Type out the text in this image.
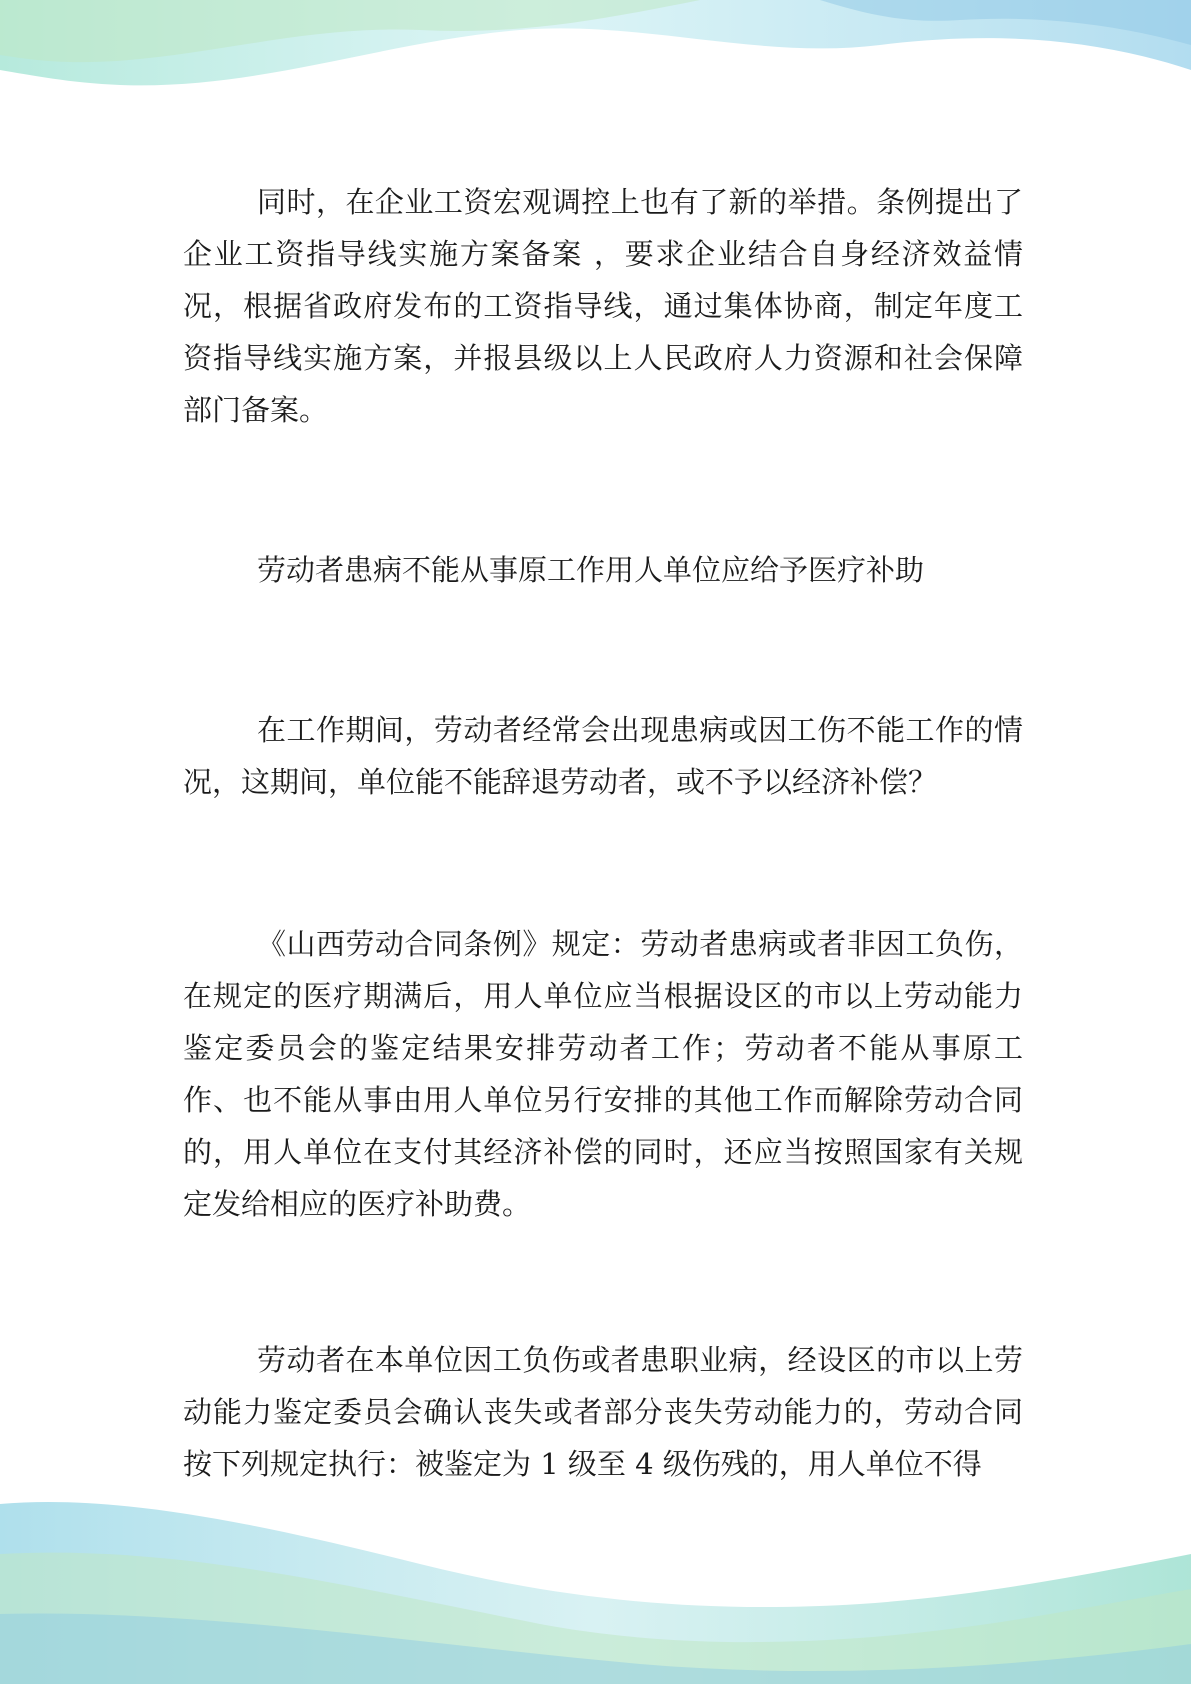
同时，在企业工资宏观调控上也有了新的举措。条例提出了 企业工资指导线实施方案备案 ，要求企业结合自身经济效益情况，根据省政府发布的工资指导线，通过集体协商，制定年度工资指导线实施方案，并报县级以上人民政府人力资源和社会保障部门备案。

劳动者患病不能从事原工作用人单位应给予医疗补助

在工作期间，劳动者经常会出现患病或因工伤不能工作的情况，这期间，单位能不能辞退劳动者，或不予以经济补偿？

《山西劳动合同条例》规定：劳动者患病或者非因工负伤，在规定的医疗期满后，用人单位应当根据设区的市以上劳动能力鉴定委员会的鉴定结果安排劳动者工作；劳动者不能从事原工作、也不能从事由用人单位另行安排的其他工作而解除劳动合同的，用人单位在支付其经济补偿的同时，还应当按照国家有关规定发给相应的医疗补助费。

劳动者在本单位因工负伤或者患职业病，经设区的市以上劳动能力鉴定委员会确认丧失或者部分丧失劳动能力的，劳动合同按下列规定执行：被鉴定为 1 级至 4 级伤残的，用人单位不得
